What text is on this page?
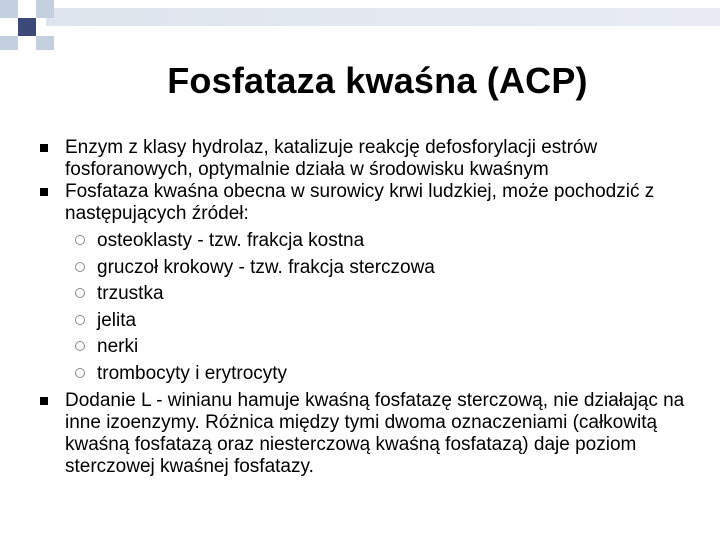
Fosfataza kwaśna (ACP)
Enzym z klasy hydrolaz, katalizuje reakcję defosforylacji estrów fosforanowych, optymalnie działa w środowisku kwaśnym
Fosfataza kwaśna obecna w surowicy krwi ludzkiej, może pochodzić z następujących źródeł:
osteoklasty - tzw. frakcja kostna
gruczoł krokowy - tzw. frakcja sterczowa
trzustka
jelita
nerki
trombocyty i erytrocyty
Dodanie L - winianu hamuje kwaśną fosfatazę sterczową, nie działając na inne izoenzymy. Różnica między tymi dwoma oznaczeniami (całkowitą kwaśną fosfatazą oraz niesterczową kwaśną fosfatazą) daje poziom sterczowej kwaśnej fosfatazy.
